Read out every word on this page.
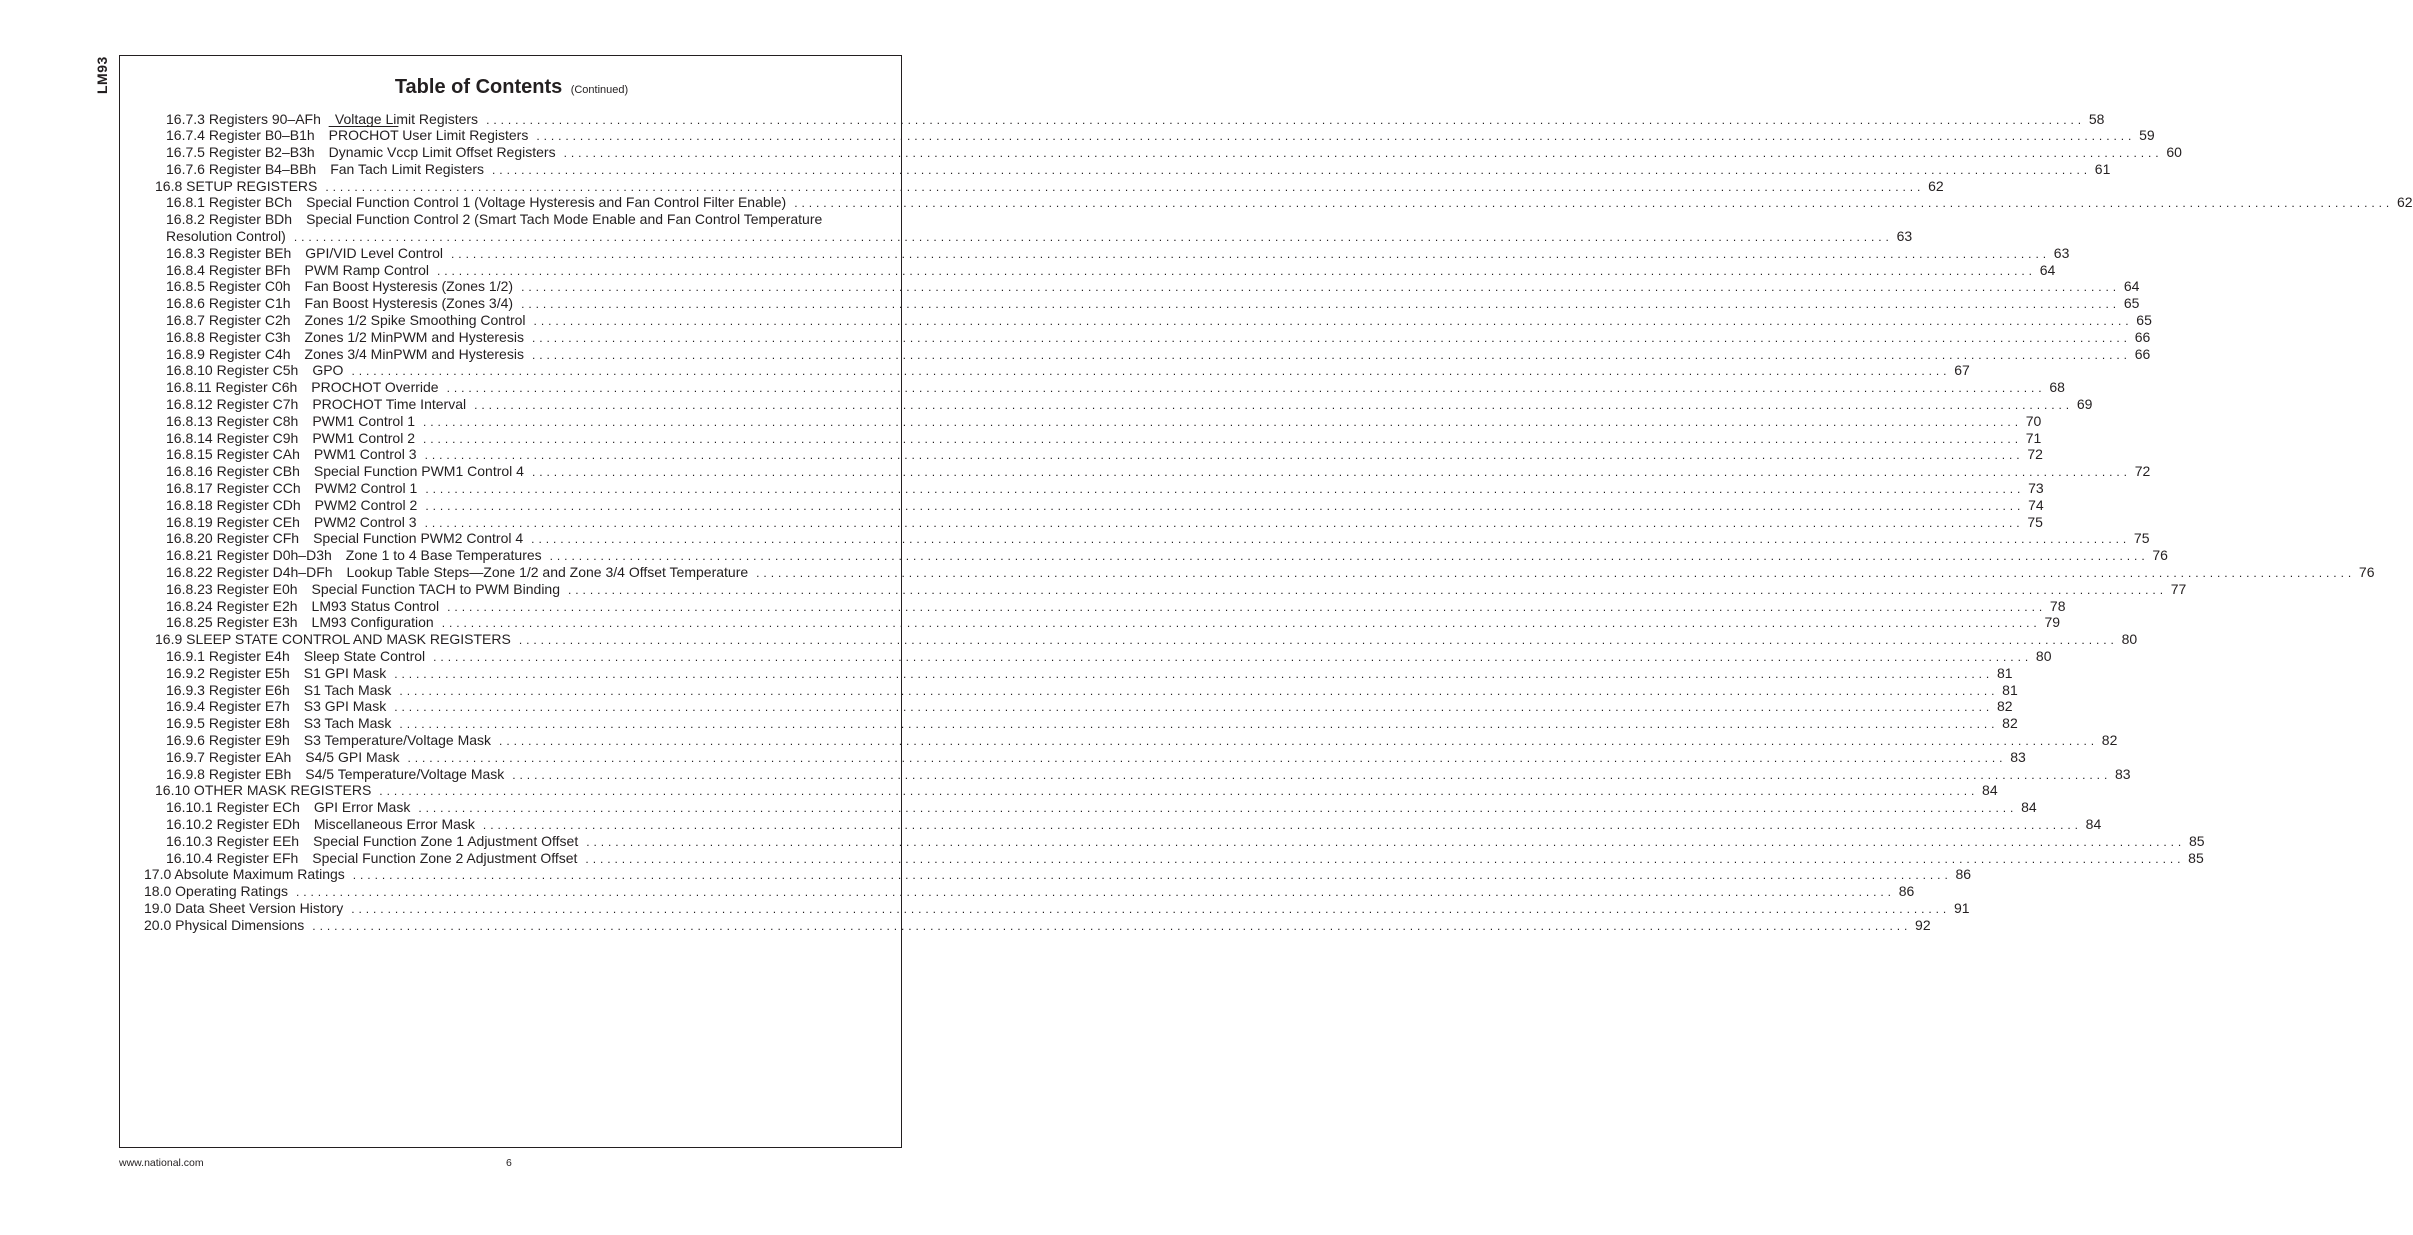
LM93	Table of Contents (Continued)
16.7.3 Registers 90–AFh Voltage Limit Registers . . . . . . . . . . . . . . . . . . . . . . . . . . . . . . . . . . . . . . . . . . . . . . . . . . . . . . . . . . . . . . . . . . . . . . . . . . . . . . . . . . . . . . . . . . . . . . . . . . . . . . . . . . . . . . . . . . . . . . . . . . . . . . . . . . . . . . . . . . . . . . . . . . . . . . . . . . . . . . . . . . . . . . . . . . . . . . . . . . . . . . . . . . . . . . . . . . . . . . . . . . . . . . . . . . . . . . . . . . . . 58
16.7.4 Register B0–B1h PROCHOT User Limit Registers . . . . . . . . . . . . . . . . . . . . . . . . . . . . . . . . . . . . . . . . . . . . . . . . . . . . . . . . . . . . . . . . . . . . . . . . . . . . . . . . . . . . . . . . . . . . . . . . . . . . . . . . . . . . . . . . . . . . . . . . . . . . . . . . . . . . . . . . . . . . . . . . . . . . . . . . . . . . . . . . . . . . . . . . . . . . . . . . . . . . . . . . . . . . . . . . . . . . . . . . . . . . . . . . . . . . . . . . . . . . 59
16.7.5 Register B2–B3h Dynamic Vccp Limit Offset Registers . . . . . . . . . . . . . . . . . . . . . . . . . . . . . . . . . . . . . . . . . . . . . . . . . . . . . . . . . . . . . . . . . . . . . . . . . . . . . . . . . . . . . . . . . . . . . . . . . . . . . . . . . . . . . . . . . . . . . . . . . . . . . . . . . . . . . . . . . . . . . . . . . . . . . . . . . . . . . . . . . . . . . . . . . . . . . . . . . . . . . . . . . . . . . . . . . . . . . . . . . . . . . . . . . . . . . . . . . . . . 60
16.7.6 Register B4–BBh Fan Tach Limit Registers . . . . . . . . . . . . . . . . . . . . . . . . . . . . . . . . . . . . . . . . . . . . . . . . . . . . . . . . . . . . . . . . . . . . . . . . . . . . . . . . . . . . . . . . . . . . . . . . . . . . . . . . . . . . . . . . . . . . . . . . . . . . . . . . . . . . . . . . . . . . . . . . . . . . . . . . . . . . . . . . . . . . . . . . . . . . . . . . . . . . . . . . . . . . . . . . . . . . . . . . . . . . . . . . . . . . . . . . . . . . 61
16.8 SETUP REGISTERS . . . . . . . . . . . . . . . . . . . . . . . . . . . . . . . . . . . . . . . . . . . . . . . . . . . . . . . . . . . . . . . . . . . . . . . . . . . . . . . . . . . . . . . . . . . . . . . . . . . . . . . . . . . . . . . . . . . . . . . . . . . . . . . . . . . . . . . . . . . . . . . . . . . . . . . . . . . . . . . . . . . . . . . . . . . . . . . . . . . . . . . . . . . . . . . . . . . . . . . . . . . . . . . . . . . . . . . . . . . . 62
16.8.1 Register BCh Special Function Control 1 (Voltage Hysteresis and Fan Control Filter Enable) . . . . . . . . . . . . . . . . . . . . . . . . . . . . . . . . . . . . . . . . . . . . . . . . . . . . . . . . . . . . . . . . . . . . . . . . . . . . . . . . . . . . . . . . . . . . . . . . . . . . . . . . . . . . . . . . . . . . . . . . . . . . . . . . . . . . . . . . . . . . . . . . . . . . . . . . . . . . . . . . . . . . . . . . . . . . . . . . . . . . . . . . . . . . . . . . . . . . . . . . . . . . . . . . . . . . . . . . . . . . 62
16.8.2 Register BDh Special Function Control 2 (Smart Tach Mode Enable and Fan Control Temperature
Resolution Control) . . . . . . . . . . . . . . . . . . . . . . . . . . . . . . . . . . . . . . . . . . . . . . . . . . . . . . . . . . . . . . . . . . . . . . . . . . . . . . . . . . . . . . . . . . . . . . . . . . . . . . . . . . . . . . . . . . . . . . . . . . . . . . . . . . . . . . . . . . . . . . . . . . . . . . . . . . . . . . . . . . . . . . . . . . . . . . . . . . . . . . . . . . . . . . . . . . . . . . . . . . . . . . . . . . . . . . . . . . . . 63
16.8.3 Register BEh GPI/VID Level Control . . . . . . . . . . . . . . . . . . . . . . . . . . . . . . . . . . . . . . . . . . . . . . . . . . . . . . . . . . . . . . . . . . . . . . . . . . . . . . . . . . . . . . . . . . . . . . . . . . . . . . . . . . . . . . . . . . . . . . . . . . . . . . . . . . . . . . . . . . . . . . . . . . . . . . . . . . . . . . . . . . . . . . . . . . . . . . . . . . . . . . . . . . . . . . . . . . . . . . . . . . . . . . . . . . . . . . . . . . . . 63
16.8.4 Register BFh PWM Ramp Control . . . . . . . . . . . . . . . . . . . . . . . . . . . . . . . . . . . . . . . . . . . . . . . . . . . . . . . . . . . . . . . . . . . . . . . . . . . . . . . . . . . . . . . . . . . . . . . . . . . . . . . . . . . . . . . . . . . . . . . . . . . . . . . . . . . . . . . . . . . . . . . . . . . . . . . . . . . . . . . . . . . . . . . . . . . . . . . . . . . . . . . . . . . . . . . . . . . . . . . . . . . . . . . . . . . . . . . . . . . . 64
16.8.5 Register C0h Fan Boost Hysteresis (Zones 1/2) . . . . . . . . . . . . . . . . . . . . . . . . . . . . . . . . . . . . . . . . . . . . . . . . . . . . . . . . . . . . . . . . . . . . . . . . . . . . . . . . . . . . . . . . . . . . . . . . . . . . . . . . . . . . . . . . . . . . . . . . . . . . . . . . . . . . . . . . . . . . . . . . . . . . . . . . . . . . . . . . . . . . . . . . . . . . . . . . . . . . . . . . . . . . . . . . . . . . . . . . . . . . . . . . . . . . . . . . . . . . 64
16.8.6 Register C1h Fan Boost Hysteresis (Zones 3/4) . . . . . . . . . . . . . . . . . . . . . . . . . . . . . . . . . . . . . . . . . . . . . . . . . . . . . . . . . . . . . . . . . . . . . . . . . . . . . . . . . . . . . . . . . . . . . . . . . . . . . . . . . . . . . . . . . . . . . . . . . . . . . . . . . . . . . . . . . . . . . . . . . . . . . . . . . . . . . . . . . . . . . . . . . . . . . . . . . . . . . . . . . . . . . . . . . . . . . . . . . . . . . . . . . . . . . . . . . . . . 65
16.8.7 Register C2h Zones 1/2 Spike Smoothing Control . . . . . . . . . . . . . . . . . . . . . . . . . . . . . . . . . . . . . . . . . . . . . . . . . . . . . . . . . . . . . . . . . . . . . . . . . . . . . . . . . . . . . . . . . . . . . . . . . . . . . . . . . . . . . . . . . . . . . . . . . . . . . . . . . . . . . . . . . . . . . . . . . . . . . . . . . . . . . . . . . . . . . . . . . . . . . . . . . . . . . . . . . . . . . . . . . . . . . . . . . . . . . . . . . . . . . . . . . . . . 65
16.8.8 Register C3h Zones 1/2 MinPWM and Hysteresis . . . . . . . . . . . . . . . . . . . . . . . . . . . . . . . . . . . . . . . . . . . . . . . . . . . . . . . . . . . . . . . . . . . . . . . . . . . . . . . . . . . . . . . . . . . . . . . . . . . . . . . . . . . . . . . . . . . . . . . . . . . . . . . . . . . . . . . . . . . . . . . . . . . . . . . . . . . . . . . . . . . . . . . . . . . . . . . . . . . . . . . . . . . . . . . . . . . . . . . . . . . . . . . . . . . . . . . . . . . . 66
16.8.9 Register C4h Zones 3/4 MinPWM and Hysteresis . . . . . . . . . . . . . . . . . . . . . . . . . . . . . . . . . . . . . . . . . . . . . . . . . . . . . . . . . . . . . . . . . . . . . . . . . . . . . . . . . . . . . . . . . . . . . . . . . . . . . . . . . . . . . . . . . . . . . . . . . . . . . . . . . . . . . . . . . . . . . . . . . . . . . . . . . . . . . . . . . . . . . . . . . . . . . . . . . . . . . . . . . . . . . . . . . . . . . . . . . . . . . . . . . . . . . . . . . . . . 66
16.8.10 Register C5h GPO . . . . . . . . . . . . . . . . . . . . . . . . . . . . . . . . . . . . . . . . . . . . . . . . . . . . . . . . . . . . . . . . . . . . . . . . . . . . . . . . . . . . . . . . . . . . . . . . . . . . . . . . . . . . . . . . . . . . . . . . . . . . . . . . . . . . . . . . . . . . . . . . . . . . . . . . . . . . . . . . . . . . . . . . . . . . . . . . . . . . . . . . . . . . . . . . . . . . . . . . . . . . . . . . . . . . . . . . . . . . 67
16.8.11 Register C6h PROCHOT Override . . . . . . . . . . . . . . . . . . . . . . . . . . . . . . . . . . . . . . . . . . . . . . . . . . . . . . . . . . . . . . . . . . . . . . . . . . . . . . . . . . . . . . . . . . . . . . . . . . . . . . . . . . . . . . . . . . . . . . . . . . . . . . . . . . . . . . . . . . . . . . . . . . . . . . . . . . . . . . . . . . . . . . . . . . . . . . . . . . . . . . . . . . . . . . . . . . . . . . . . . . . . . . . . . . . . . . . . . . . . 68
16.8.12 Register C7h PROCHOT Time Interval . . . . . . . . . . . . . . . . . . . . . . . . . . . . . . . . . . . . . . . . . . . . . . . . . . . . . . . . . . . . . . . . . . . . . . . . . . . . . . . . . . . . . . . . . . . . . . . . . . . . . . . . . . . . . . . . . . . . . . . . . . . . . . . . . . . . . . . . . . . . . . . . . . . . . . . . . . . . . . . . . . . . . . . . . . . . . . . . . . . . . . . . . . . . . . . . . . . . . . . . . . . . . . . . . . . . . . . . . . . . 69
16.8.13 Register C8h PWM1 Control 1 . . . . . . . . . . . . . . . . . . . . . . . . . . . . . . . . . . . . . . . . . . . . . . . . . . . . . . . . . . . . . . . . . . . . . . . . . . . . . . . . . . . . . . . . . . . . . . . . . . . . . . . . . . . . . . . . . . . . . . . . . . . . . . . . . . . . . . . . . . . . . . . . . . . . . . . . . . . . . . . . . . . . . . . . . . . . . . . . . . . . . . . . . . . . . . . . . . . . . . . . . . . . . . . . . . . . . . . . . . . . 70
16.8.14 Register C9h PWM1 Control 2 . . . . . . . . . . . . . . . . . . . . . . . . . . . . . . . . . . . . . . . . . . . . . . . . . . . . . . . . . . . . . . . . . . . . . . . . . . . . . . . . . . . . . . . . . . . . . . . . . . . . . . . . . . . . . . . . . . . . . . . . . . . . . . . . . . . . . . . . . . . . . . . . . . . . . . . . . . . . . . . . . . . . . . . . . . . . . . . . . . . . . . . . . . . . . . . . . . . . . . . . . . . . . . . . . . . . . . . . . . . . 71
16.8.15 Register CAh PWM1 Control 3 . . . . . . . . . . . . . . . . . . . . . . . . . . . . . . . . . . . . . . . . . . . . . . . . . . . . . . . . . . . . . . . . . . . . . . . . . . . . . . . . . . . . . . . . . . . . . . . . . . . . . . . . . . . . . . . . . . . . . . . . . . . . . . . . . . . . . . . . . . . . . . . . . . . . . . . . . . . . . . . . . . . . . . . . . . . . . . . . . . . . . . . . . . . . . . . . . . . . . . . . . . . . . . . . . . . . . . . . . . . . 72
16.8.16 Register CBh Special Function PWM1 Control 4 . . . . . . . . . . . . . . . . . . . . . . . . . . . . . . . . . . . . . . . . . . . . . . . . . . . . . . . . . . . . . . . . . . . . . . . . . . . . . . . . . . . . . . . . . . . . . . . . . . . . . . . . . . . . . . . . . . . . . . . . . . . . . . . . . . . . . . . . . . . . . . . . . . . . . . . . . . . . . . . . . . . . . . . . . . . . . . . . . . . . . . . . . . . . . . . . . . . . . . . . . . . . . . . . . . . . . . . . . . . . 72
16.8.17 Register CCh PWM2 Control 1 . . . . . . . . . . . . . . . . . . . . . . . . . . . . . . . . . . . . . . . . . . . . . . . . . . . . . . . . . . . . . . . . . . . . . . . . . . . . . . . . . . . . . . . . . . . . . . . . . . . . . . . . . . . . . . . . . . . . . . . . . . . . . . . . . . . . . . . . . . . . . . . . . . . . . . . . . . . . . . . . . . . . . . . . . . . . . . . . . . . . . . . . . . . . . . . . . . . . . . . . . . . . . . . . . . . . . . . . . . . . 73
16.8.18 Register CDh PWM2 Control 2 . . . . . . . . . . . . . . . . . . . . . . . . . . . . . . . . . . . . . . . . . . . . . . . . . . . . . . . . . . . . . . . . . . . . . . . . . . . . . . . . . . . . . . . . . . . . . . . . . . . . . . . . . . . . . . . . . . . . . . . . . . . . . . . . . . . . . . . . . . . . . . . . . . . . . . . . . . . . . . . . . . . . . . . . . . . . . . . . . . . . . . . . . . . . . . . . . . . . . . . . . . . . . . . . . . . . . . . . . . . . 74
16.8.19 Register CEh PWM2 Control 3 . . . . . . . . . . . . . . . . . . . . . . . . . . . . . . . . . . . . . . . . . . . . . . . . . . . . . . . . . . . . . . . . . . . . . . . . . . . . . . . . . . . . . . . . . . . . . . . . . . . . . . . . . . . . . . . . . . . . . . . . . . . . . . . . . . . . . . . . . . . . . . . . . . . . . . . . . . . . . . . . . . . . . . . . . . . . . . . . . . . . . . . . . . . . . . . . . . . . . . . . . . . . . . . . . . . . . . . . . . . . 75
16.8.20 Register CFh Special Function PWM2 Control 4 . . . . . . . . . . . . . . . . . . . . . . . . . . . . . . . . . . . . . . . . . . . . . . . . . . . . . . . . . . . . . . . . . . . . . . . . . . . . . . . . . . . . . . . . . . . . . . . . . . . . . . . . . . . . . . . . . . . . . . . . . . . . . . . . . . . . . . . . . . . . . . . . . . . . . . . . . . . . . . . . . . . . . . . . . . . . . . . . . . . . . . . . . . . . . . . . . . . . . . . . . . . . . . . . . . . . . . . . . . . . 75
16.8.21 Register D0h–D3h Zone 1 to 4 Base Temperatures . . . . . . . . . . . . . . . . . . . . . . . . . . . . . . . . . . . . . . . . . . . . . . . . . . . . . . . . . . . . . . . . . . . . . . . . . . . . . . . . . . . . . . . . . . . . . . . . . . . . . . . . . . . . . . . . . . . . . . . . . . . . . . . . . . . . . . . . . . . . . . . . . . . . . . . . . . . . . . . . . . . . . . . . . . . . . . . . . . . . . . . . . . . . . . . . . . . . . . . . . . . . . . . . . . . . . . . . . . . . 76
16.8.22 Register D4h–DFh Lookup Table Steps—Zone 1/2 and Zone 3/4 Offset Temperature . . . . . . . . . . . . . . . . . . . . . . . . . . . . . . . . . . . . . . . . . . . . . . . . . . . . . . . . . . . . . . . . . . . . . . . . . . . . . . . . . . . . . . . . . . . . . . . . . . . . . . . . . . . . . . . . . . . . . . . . . . . . . . . . . . . . . . . . . . . . . . . . . . . . . . . . . . . . . . . . . . . . . . . . . . . . . . . . . . . . . . . . . . . . . . . . . . . . . . . . . . . . . . . . . . . . . . . . . . . . 76
16.8.23 Register E0h Special Function TACH to PWM Binding . . . . . . . . . . . . . . . . . . . . . . . . . . . . . . . . . . . . . . . . . . . . . . . . . . . . . . . . . . . . . . . . . . . . . . . . . . . . . . . . . . . . . . . . . . . . . . . . . . . . . . . . . . . . . . . . . . . . . . . . . . . . . . . . . . . . . . . . . . . . . . . . . . . . . . . . . . . . . . . . . . . . . . . . . . . . . . . . . . . . . . . . . . . . . . . . . . . . . . . . . . . . . . . . . . . . . . . . . . . . 77
16.8.24 Register E2h LM93 Status Control . . . . . . . . . . . . . . . . . . . . . . . . . . . . . . . . . . . . . . . . . . . . . . . . . . . . . . . . . . . . . . . . . . . . . . . . . . . . . . . . . . . . . . . . . . . . . . . . . . . . . . . . . . . . . . . . . . . . . . . . . . . . . . . . . . . . . . . . . . . . . . . . . . . . . . . . . . . . . . . . . . . . . . . . . . . . . . . . . . . . . . . . . . . . . . . . . . . . . . . . . . . . . . . . . . . . . . . . . . . . 78
16.8.25 Register E3h LM93 Configuration . . . . . . . . . . . . . . . . . . . . . . . . . . . . . . . . . . . . . . . . . . . . . . . . . . . . . . . . . . . . . . . . . . . . . . . . . . . . . . . . . . . . . . . . . . . . . . . . . . . . . . . . . . . . . . . . . . . . . . . . . . . . . . . . . . . . . . . . . . . . . . . . . . . . . . . . . . . . . . . . . . . . . . . . . . . . . . . . . . . . . . . . . . . . . . . . . . . . . . . . . . . . . . . . . . . . . . . . . . . . 79
16.9 SLEEP STATE CONTROL AND MASK REGISTERS . . . . . . . . . . . . . . . . . . . . . . . . . . . . . . . . . . . . . . . . . . . . . . . . . . . . . . . . . . . . . . . . . . . . . . . . . . . . . . . . . . . . . . . . . . . . . . . . . . . . . . . . . . . . . . . . . . . . . . . . . . . . . . . . . . . . . . . . . . . . . . . . . . . . . . . . . . . . . . . . . . . . . . . . . . . . . . . . . . . . . . . . . . . . . . . . . . . . . . . . . . . . . . . . . . . . . . . . . . . . 80
16.9.1 Register E4h Sleep State Control . . . . . . . . . . . . . . . . . . . . . . . . . . . . . . . . . . . . . . . . . . . . . . . . . . . . . . . . . . . . . . . . . . . . . . . . . . . . . . . . . . . . . . . . . . . . . . . . . . . . . . . . . . . . . . . . . . . . . . . . . . . . . . . . . . . . . . . . . . . . . . . . . . . . . . . . . . . . . . . . . . . . . . . . . . . . . . . . . . . . . . . . . . . . . . . . . . . . . . . . . . . . . . . . . . . . . . . . . . . . 80
16.9.2 Register E5h S1 GPI Mask . . . . . . . . . . . . . . . . . . . . . . . . . . . . . . . . . . . . . . . . . . . . . . . . . . . . . . . . . . . . . . . . . . . . . . . . . . . . . . . . . . . . . . . . . . . . . . . . . . . . . . . . . . . . . . . . . . . . . . . . . . . . . . . . . . . . . . . . . . . . . . . . . . . . . . . . . . . . . . . . . . . . . . . . . . . . . . . . . . . . . . . . . . . . . . . . . . . . . . . . . . . . . . . . . . . . . . . . . . . . 81
16.9.3 Register E6h S1 Tach Mask . . . . . . . . . . . . . . . . . . . . . . . . . . . . . . . . . . . . . . . . . . . . . . . . . . . . . . . . . . . . . . . . . . . . . . . . . . . . . . . . . . . . . . . . . . . . . . . . . . . . . . . . . . . . . . . . . . . . . . . . . . . . . . . . . . . . . . . . . . . . . . . . . . . . . . . . . . . . . . . . . . . . . . . . . . . . . . . . . . . . . . . . . . . . . . . . . . . . . . . . . . . . . . . . . . . . . . . . . . . . 81
16.9.4 Register E7h S3 GPI Mask . . . . . . . . . . . . . . . . . . . . . . . . . . . . . . . . . . . . . . . . . . . . . . . . . . . . . . . . . . . . . . . . . . . . . . . . . . . . . . . . . . . . . . . . . . . . . . . . . . . . . . . . . . . . . . . . . . . . . . . . . . . . . . . . . . . . . . . . . . . . . . . . . . . . . . . . . . . . . . . . . . . . . . . . . . . . . . . . . . . . . . . . . . . . . . . . . . . . . . . . . . . . . . . . . . . . . . . . . . . . 82
16.9.5 Register E8h S3 Tach Mask . . . . . . . . . . . . . . . . . . . . . . . . . . . . . . . . . . . . . . . . . . . . . . . . . . . . . . . . . . . . . . . . . . . . . . . . . . . . . . . . . . . . . . . . . . . . . . . . . . . . . . . . . . . . . . . . . . . . . . . . . . . . . . . . . . . . . . . . . . . . . . . . . . . . . . . . . . . . . . . . . . . . . . . . . . . . . . . . . . . . . . . . . . . . . . . . . . . . . . . . . . . . . . . . . . . . . . . . . . . . 82
16.9.6 Register E9h S3 Temperature/Voltage Mask . . . . . . . . . . . . . . . . . . . . . . . . . . . . . . . . . . . . . . . . . . . . . . . . . . . . . . . . . . . . . . . . . . . . . . . . . . . . . . . . . . . . . . . . . . . . . . . . . . . . . . . . . . . . . . . . . . . . . . . . . . . . . . . . . . . . . . . . . . . . . . . . . . . . . . . . . . . . . . . . . . . . . . . . . . . . . . . . . . . . . . . . . . . . . . . . . . . . . . . . . . . . . . . . . . . . . . . . . . . . 82
16.9.7 Register EAh S4/5 GPI Mask . . . . . . . . . . . . . . . . . . . . . . . . . . . . . . . . . . . . . . . . . . . . . . . . . . . . . . . . . . . . . . . . . . . . . . . . . . . . . . . . . . . . . . . . . . . . . . . . . . . . . . . . . . . . . . . . . . . . . . . . . . . . . . . . . . . . . . . . . . . . . . . . . . . . . . . . . . . . . . . . . . . . . . . . . . . . . . . . . . . . . . . . . . . . . . . . . . . . . . . . . . . . . . . . . . . . . . . . . . . . 83
16.9.8 Register EBh S4/5 Temperature/Voltage Mask . . . . . . . . . . . . . . . . . . . . . . . . . . . . . . . . . . . . . . . . . . . . . . . . . . . . . . . . . . . . . . . . . . . . . . . . . . . . . . . . . . . . . . . . . . . . . . . . . . . . . . . . . . . . . . . . . . . . . . . . . . . . . . . . . . . . . . . . . . . . . . . . . . . . . . . . . . . . . . . . . . . . . . . . . . . . . . . . . . . . . . . . . . . . . . . . . . . . . . . . . . . . . . . . . . . . . . . . . . . . 83
16.10 OTHER MASK REGISTERS . . . . . . . . . . . . . . . . . . . . . . . . . . . . . . . . . . . . . . . . . . . . . . . . . . . . . . . . . . . . . . . . . . . . . . . . . . . . . . . . . . . . . . . . . . . . . . . . . . . . . . . . . . . . . . . . . . . . . . . . . . . . . . . . . . . . . . . . . . . . . . . . . . . . . . . . . . . . . . . . . . . . . . . . . . . . . . . . . . . . . . . . . . . . . . . . . . . . . . . . . . . . . . . . . . . . . . . . . . . . 84
16.10.1 Register ECh GPI Error Mask . . . . . . . . . . . . . . . . . . . . . . . . . . . . . . . . . . . . . . . . . . . . . . . . . . . . . . . . . . . . . . . . . . . . . . . . . . . . . . . . . . . . . . . . . . . . . . . . . . . . . . . . . . . . . . . . . . . . . . . . . . . . . . . . . . . . . . . . . . . . . . . . . . . . . . . . . . . . . . . . . . . . . . . . . . . . . . . . . . . . . . . . . . . . . . . . . . . . . . . . . . . . . . . . . . . . . . . . . . . . 84
16.10.2 Register EDh Miscellaneous Error Mask . . . . . . . . . . . . . . . . . . . . . . . . . . . . . . . . . . . . . . . . . . . . . . . . . . . . . . . . . . . . . . . . . . . . . . . . . . . . . . . . . . . . . . . . . . . . . . . . . . . . . . . . . . . . . . . . . . . . . . . . . . . . . . . . . . . . . . . . . . . . . . . . . . . . . . . . . . . . . . . . . . . . . . . . . . . . . . . . . . . . . . . . . . . . . . . . . . . . . . . . . . . . . . . . . . . . . . . . . . . . 84
16.10.3 Register EEh Special Function Zone 1 Adjustment Offset . . . . . . . . . . . . . . . . . . . . . . . . . . . . . . . . . . . . . . . . . . . . . . . . . . . . . . . . . . . . . . . . . . . . . . . . . . . . . . . . . . . . . . . . . . . . . . . . . . . . . . . . . . . . . . . . . . . . . . . . . . . . . . . . . . . . . . . . . . . . . . . . . . . . . . . . . . . . . . . . . . . . . . . . . . . . . . . . . . . . . . . . . . . . . . . . . . . . . . . . . . . . . . . . . . . . . . . . . . . . 85
16.10.4 Register EFh Special Function Zone 2 Adjustment Offset . . . . . . . . . . . . . . . . . . . . . . . . . . . . . . . . . . . . . . . . . . . . . . . . . . . . . . . . . . . . . . . . . . . . . . . . . . . . . . . . . . . . . . . . . . . . . . . . . . . . . . . . . . . . . . . . . . . . . . . . . . . . . . . . . . . . . . . . . . . . . . . . . . . . . . . . . . . . . . . . . . . . . . . . . . . . . . . . . . . . . . . . . . . . . . . . . . . . . . . . . . . . . . . . . . . . . . . . . . . . 85
17.0 Absolute Maximum Ratings . . . . . . . . . . . . . . . . . . . . . . . . . . . . . . . . . . . . . . . . . . . . . . . . . . . . . . . . . . . . . . . . . . . . . . . . . . . . . . . . . . . . . . . . . . . . . . . . . . . . . . . . . . . . . . . . . . . . . . . . . . . . . . . . . . . . . . . . . . . . . . . . . . . . . . . . . . . . . . . . . . . . . . . . . . . . . . . . . . . . . . . . . . . . . . . . . . . . . . . . . . . . . . . . . . . . . . . . . . . . 86
18.0 Operating Ratings . . . . . . . . . . . . . . . . . . . . . . . . . . . . . . . . . . . . . . . . . . . . . . . . . . . . . . . . . . . . . . . . . . . . . . . . . . . . . . . . . . . . . . . . . . . . . . . . . . . . . . . . . . . . . . . . . . . . . . . . . . . . . . . . . . . . . . . . . . . . . . . . . . . . . . . . . . . . . . . . . . . . . . . . . . . . . . . . . . . . . . . . . . . . . . . . . . . . . . . . . . . . . . . . . . . . . . . . . . . . 86
19.0 Data Sheet Version History . . . . . . . . . . . . . . . . . . . . . . . . . . . . . . . . . . . . . . . . . . . . . . . . . . . . . . . . . . . . . . . . . . . . . . . . . . . . . . . . . . . . . . . . . . . . . . . . . . . . . . . . . . . . . . . . . . . . . . . . . . . . . . . . . . . . . . . . . . . . . . . . . . . . . . . . . . . . . . . . . . . . . . . . . . . . . . . . . . . . . . . . . . . . . . . . . . . . . . . . . . . . . . . . . . . . . . . . . . . . 91
20.0 Physical Dimensions . . . . . . . . . . . . . . . . . . . . . . . . . . . . . . . . . . . . . . . . . . . . . . . . . . . . . . . . . . . . . . . . . . . . . . . . . . . . . . . . . . . . . . . . . . . . . . . . . . . . . . . . . . . . . . . . . . . . . . . . . . . . . . . . . . . . . . . . . . . . . . . . . . . . . . . . . . . . . . . . . . . . . . . . . . . . . . . . . . . . . . . . . . . . . . . . . . . . . . . . . . . . . . . . . . . . . . . . . . . . 92
www.national.com	6
